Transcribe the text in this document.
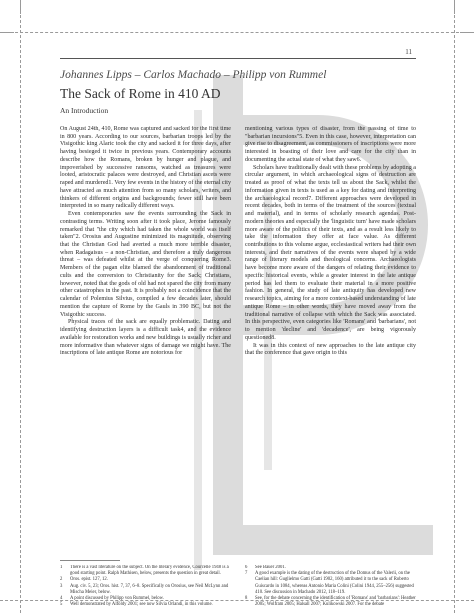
11
Johannes Lipps – Carlos Machado – Philipp von Rummel
The Sack of Rome in 410 AD
An Introduction

On August 24th, 410, Rome was captured and sacked for the first time in 800 years. According to our sources, barbarian troops led by the Visigothic king Alaric took the city and sacked it for three days, after having besieged it twice in previous years. Contemporary accounts describe how the Romans, broken by hunger and plague, and impoverished by successive ransoms, watched as treasures were looted, aristocratic palaces were destroyed, and Christian ascets were raped and murdered1. Very few events in the history of the eternal city have attracted as much attention from so many scholars, writers, and thinkers of different origins and backgrounds; fewer still have been interpreted in so many radically different ways.

Even contemporaries saw the events surrounding the Sack in contrasting terms. Writing soon after it took place, Jerome famously remarked that "the city which had taken the whole world was itself taken"2. Orosius and Augustine minimized its magnitude, observing that the Christian God had averted a much more terrible disaster, when Radagaisus – a non-Christian, and therefore a truly dangerous threat – was defeated whilst at the verge of conquering Rome3. Members of the pagan elite blamed the abandonment of traditional cults and the conversion to Christianity for the Sack; Christians, however, noted that the gods of old had not spared the city from many other catastrophes in the past. It is probably not a coincidence that the calendar of Polemius Silvius, compiled a few decades later, should mention the capture of Rome by the Gauls in 390 BC, but not the Visigothic success.

Physical traces of the sack are equally problematic. Dating and identifying destruction layers is a difficult task4, and the evidence available for restoration works and new buildings is usually richer and more informative than whatever signs of damage we might have. The inscriptions of late antique Rome are notorious for

mentioning various types of disaster, from the passing of time to "barbarian incursions"5. Even in this case, however, interpretation can give rise to disagreement, as commissioners of inscriptions were more interested in boasting of their love and care for the city than in documenting the actual state of what they saw6.

Scholars have traditionally dealt with these problems by adopting a circular argument, in which archaeological signs of destruction are treated as proof of what the texts tell us about the Sack, whilst the information given in texts is used as a key for dating and interpreting the archaeological record7. Different approaches were developed in recent decades, both in terms of the treatment of the sources (textual and material), and in terms of scholarly research agendas. Post-modern theories and especially the 'linguistic turn' have made scholars more aware of the politics of their texts, and as a result less likely to take the information they offer at face value. As different contributions to this volume argue, ecclesiastical writers had their own interests, and their narratives of the events were shaped by a wide range of literary models and theological concerns. Archaeologists have become more aware of the dangers of relating their evidence to specific historical events, while a greater interest in the late antique period has led them to evaluate their material in a more positive fashion. In general, the study of late antiquity has developed new research topics, aiming for a more context-based understanding of late antique Rome – in other words, they have moved away from the traditional narrative of collapse with which the Sack was associated. In this perspective, even categories like 'Romans' and 'barbarians', not to mention 'decline' and 'decadence', are being vigorously questioned8.

It was in this context of new approaches to the late antique city that the conference that gave origin to this

1	There is a vast literature on the subject. On the literary evidence, Courcelle 1948 is a good starting point. Ralph Mathisen, below, presents the question in great detail.
2	Oros. epist. 127, 12.
3	Aug. civ. 5, 23; Oros. hist. 7, 37, 6–8. Specifically on Orosius, see Neil McLynn and Mischa Meier, below.
4	A point discussed by Philipp von Rummel, below.
5	Well demonstrated by Alföldy 2001; see now Silvia Orlandi, in this volume.
6	See Bauer 2001.
7	A good example is the dating of the destruction of the Domus of the Valerii, on the Caelian hill: Guglielmo Gatti (Gatti 1902, 160) attributed it to the sack of Roberto Guiscardo in 1084, whereas Antonio Maria Colini (Colini 1944, 255–256) suggested 410. See discussion in Machado 2012, 118–119.
8	See, for the debate concerning the identification of 'Romans' and 'barbarians': Heather 2005; Wolfram 2005; Halsall 2007; Kulikowski 2007. For the debate
